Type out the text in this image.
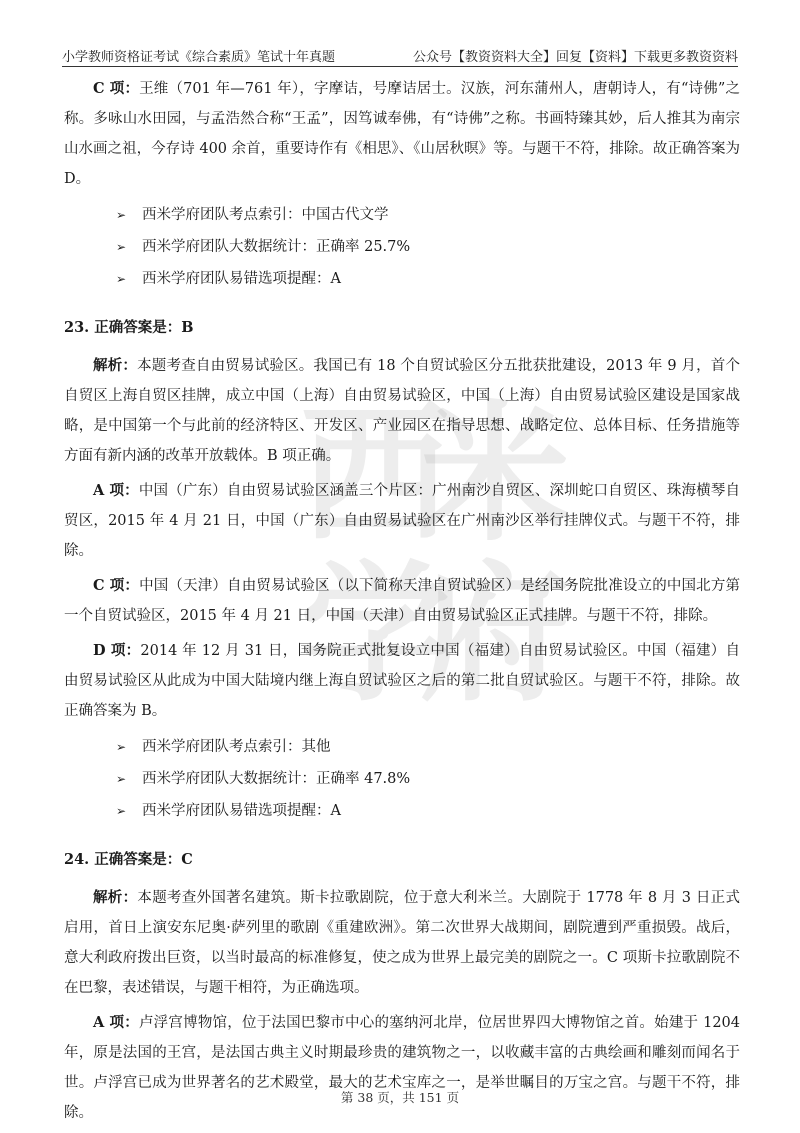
小学教师资格证考试《综合素质》笔试十年真题	公众号【教资资料大全】回复【资料】下载更多教资资料
西米
学府

C 项：王维（701 年—761 年），字摩诘，号摩诘居士。汉族，河东蒲州人，唐朝诗人，有“诗佛”之称。多咏山水田园，与孟浩然合称“王孟”，因笃诚奉佛，有“诗佛”之称。书画特臻其妙，后人推其为南宗山水画之祖，今存诗 400 余首，重要诗作有《相思》、《山居秋暝》等。与题干不符，排除。故正确答案为D。

➢ 西米学府团队考点索引：中国古代文学
➢ 西米学府团队大数据统计：正确率 25.7%
➢ 西米学府团队易错选项提醒：A
23. 正确答案是：B

解析：本题考查自由贸易试验区。我国已有 18 个自贸试验区分五批获批建设，2013 年 9 月，首个自贸区上海自贸区挂牌，成立中国（上海）自由贸易试验区，中国（上海）自由贸易试验区建设是国家战略，是中国第一个与此前的经济特区、开发区、产业园区在指导思想、战略定位、总体目标、任务措施等方面有新内涵的改革开放载体。B 项正确。

A 项：中国（广东）自由贸易试验区涵盖三个片区：广州南沙自贸区、深圳蛇口自贸区、珠海横琴自贸区，2015 年 4 月 21 日，中国（广东）自由贸易试验区在广州南沙区举行挂牌仪式。与题干不符，排除。

C 项：中国（天津）自由贸易试验区（以下简称天津自贸试验区）是经国务院批准设立的中国北方第一个自贸试验区，2015 年 4 月 21 日，中国（天津）自由贸易试验区正式挂牌。与题干不符，排除。

D 项：2014 年 12 月 31 日，国务院正式批复设立中国（福建）自由贸易试验区。中国（福建）自由贸易试验区从此成为中国大陆境内继上海自贸试验区之后的第二批自贸试验区。与题干不符，排除。故正确答案为 B。

➢ 西米学府团队考点索引：其他
➢ 西米学府团队大数据统计：正确率 47.8%
➢ 西米学府团队易错选项提醒：A
24. 正确答案是：C

解析：本题考查外国著名建筑。斯卡拉歌剧院，位于意大利米兰。大剧院于 1778 年 8 月 3 日正式启用，首日上演安东尼奥·萨列里的歌剧《重建欧洲》。第二次世界大战期间，剧院遭到严重损毁。战后，意大利政府拨出巨资，以当时最高的标准修复，使之成为世界上最完美的剧院之一。C 项斯卡拉歌剧院不在巴黎，表述错误，与题干相符，为正确选项。

A 项：卢浮宫博物馆，位于法国巴黎市中心的塞纳河北岸，位居世界四大博物馆之首。始建于 1204 年，原是法国的王宫，是法国古典主义时期最珍贵的建筑物之一，以收藏丰富的古典绘画和雕刻而闻名于世。卢浮宫已成为世界著名的艺术殿堂，最大的艺术宝库之一，是举世瞩目的万宝之宫。与题干不符，排除。

第 38 页，共 151 页
